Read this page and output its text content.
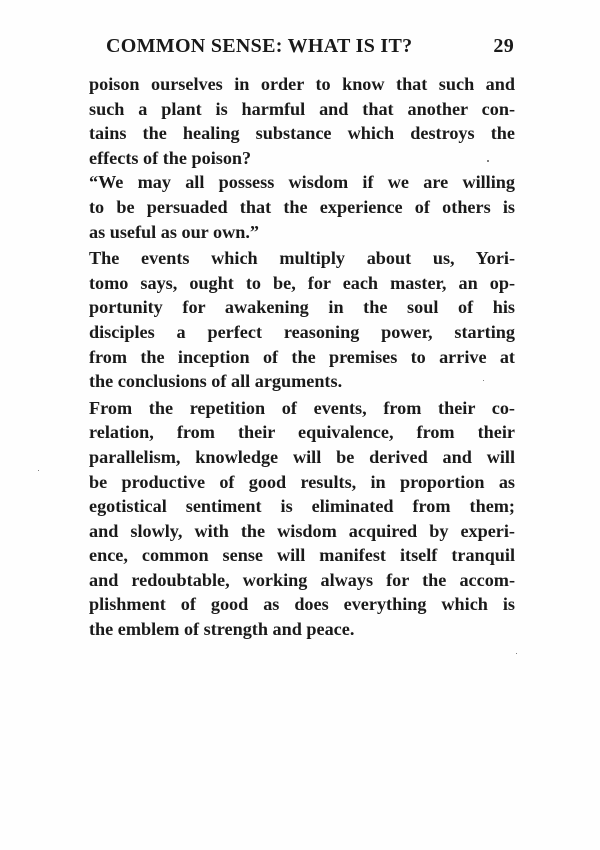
COMMON SENSE: WHAT IS IT?	29
poison ourselves in order to know that such and
such a plant is harmful and that another con-
tains the healing substance which destroys the
effects of the poison?
“We may all possess wisdom if we are willing
to be persuaded that the experience of others is
as useful as our own.”
The events which multiply about us, Yori-
tomo says, ought to be, for each master, an op-
portunity for awakening in the soul of his
disciples a perfect reasoning power, starting
from the inception of the premises to arrive at
the conclusions of all arguments.
From the repetition of events, from their co-
relation, from their equivalence, from their
parallelism, knowledge will be derived and will
be productive of good results, in proportion as
egotistical sentiment is eliminated from them;
and slowly, with the wisdom acquired by experi-
ence, common sense will manifest itself tranquil
and redoubtable, working always for the accom-
plishment of good as does everything which is
the emblem of strength and peace.
